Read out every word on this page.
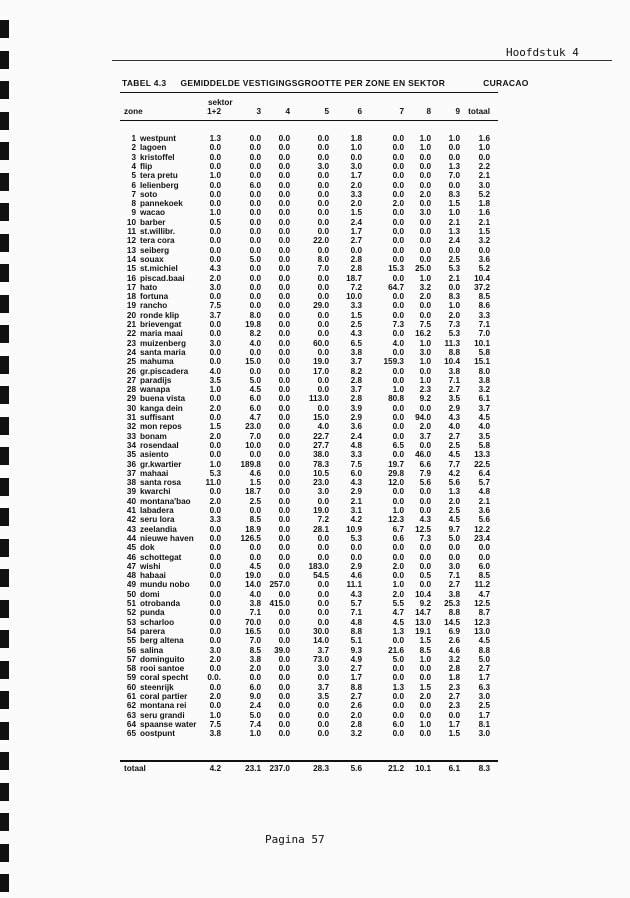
Hoofdstuk 4
TABEL 4.3 GEMIDDELDE VESTIGINGSGROOTTE PER ZONE EN SEKTOR	CURACAO
sektor
zone	1+2	3	4	5	6	7	8	9 totaal
1 westpunt	1.3	0.0	0.0	0.0	1.8	0.0	1.0	1.0	1.6
2 lagoen	0.0	0.0	0.0	0.0	1.0	0.0	1.0	0.0	1.0
3 kristoffel	0.0	0.0	0.0	0.0	0.0	0.0	0.0	0.0	0.0
4 flip	0.0	0.0	0.0	3.0	3.0	0.0	0.0	1.3	2.2
5 tera pretu	1.0	0.0	0.0	0.0	1.7	0.0	0.0	7.0	2.1
6 lelienberg	0.0	6.0	0.0	0.0	2.0	0.0	0.0	0.0	3.0
7 soto	0.0	0.0	0.0	0.0	3.3	0.0	2.0	8.3	5.2
8 pannekoek	0.0	0.0	0.0	0.0	2.0	2.0	0.0	1.5	1.8
9 wacao	1.0	0.0	0.0	0.0	1.5	0.0	3.0	1.0	1.6
10 barber	0.5	0.0	0.0	0.0	2.4	0.0	0.0	2.1	2.1
11 st.willibr.	0.0	0.0	0.0	0.0	1.7	0.0	0.0	1.3	1.5
12 tera cora	0.0	0.0	0.0	22.0	2.7	0.0	0.0	2.4	3.2
13 seiberg	0.0	0.0	0.0	0.0	0.0	0.0	0.0	0.0	0.0
14 souax	0.0	5.0	0.0	8.0	2.8	0.0	0.0	2.5	3.6
15 st.michiel	4.3	0.0	0.0	7.0	2.8	15.3	25.0	5.3	5.2
16 piscad.baai	2.0	0.0	0.0	0.0	18.7	0.0	1.0	2.1	10.4
17 hato	3.0	0.0	0.0	0.0	7.2	64.7	3.2	0.0	37.2
18 fortuna	0.0	0.0	0.0	0.0	10.0	0.0	2.0	8.3	8.5
19 rancho	7.5	0.0	0.0	29.0	3.3	0.0	0.0	1.0	8.6
20 ronde klip	3.7	8.0	0.0	0.0	1.5	0.0	0.0	2.0	3.3
21 brievengat	0.0	19.8	0.0	0.0	2.5	7.3	7.5	7.3	7.1
22 maria maai	0.0	8.2	0.0	0.0	4.3	0.0	16.2	5.3	7.0
23 muizenberg	3.0	4.0	0.0	60.0	6.5	4.0	1.0	11.3	10.1
24 santa maria	0.0	0.0	0.0	0.0	3.8	0.0	3.0	8.8	5.8
25 mahuma	0.0	15.0	0.0	19.0	3.7	159.3	1.0	10.4	15.1
26 gr.piscadera	4.0	0.0	0.0	17.0	8.2	0.0	0.0	3.8	8.0
27 paradijs	3.5	5.0	0.0	0.0	2.8	0.0	1.0	7.1	3.8
28 wanapa	1.0	4.5	0.0	0.0	3.7	1.0	2.3	2.7	3.2
29 buena vista	0.0	6.0	0.0	113.0	2.8	80.8	9.2	3.5	6.1
30 kanga dein	2.0	6.0	0.0	0.0	3.9	0.0	0.0	2.9	3.7
31 suffisant	0.0	4.7	0.0	15.0	2.9	0.0	94.0	4.3	4.5
32 mon repos	1.5	23.0	0.0	4.0	3.6	0.0	2.0	4.0	4.0
33 bonam	2.0	7.0	0.0	22.7	2.4	0.0	3.7	2.7	3.5
34 rosendaal	0.0	10.0	0.0	27.7	4.8	6.5	0.0	2.5	5.8
35 asiento	0.0	0.0	0.0	38.0	3.3	0.0	46.0	4.5	13.3
36 gr.kwartier	1.0	189.8	0.0	78.3	7.5	19.7	6.6	7.7	22.5
37 mahaai	5.3	4.6	0.0	10.5	6.0	29.8	7.9	4.2	6.4
38 santa rosa	11.0	1.5	0.0	23.0	4.3	12.0	5.6	5.6	5.7
39 kwarchi	0.0	18.7	0.0	3.0	2.9	0.0	0.0	1.3	4.8
40 montana'bao	2.0	2.5	0.0	0.0	2.1	0.0	0.0	2.0	2.1
41 labadera	0.0	0.0	0.0	19.0	3.1	1.0	0.0	2.5	3.6
42 seru lora	3.3	8.5	0.0	7.2	4.2	12.3	4.3	4.5	5.6
43 zeelandia	0.0	18.9	0.0	28.1	10.9	6.7	12.5	9.7	12.2
44 nieuwe haven	0.0	126.5	0.0	0.0	5.3	0.6	7.3	5.0	23.4
45 dok	0.0	0.0	0.0	0.0	0.0	0.0	0.0	0.0	0.0
46 schottegat	0.0	0.0	0.0	0.0	0.0	0.0	0.0	0.0	0.0
47 wishi	0.0	4.5	0.0	183.0	2.9	2.0	0.0	3.0	6.0
48 habaai	0.0	19.0	0.0	54.5	4.6	0.0	0.5	7.1	8.5
49 mundu nobo	0.0	14.0	257.0	0.0	11.1	1.0	0.0	2.7	11.2
50 domi	0.0	4.0	0.0	0.0	4.3	2.0	10.4	3.8	4.7
51 otrobanda	0.0	3.8	415.0	0.0	5.7	5.5	9.2	25.3	12.5
52 punda	0.0	7.1	0.0	0.0	7.1	4.7	14.7	8.8	8.7
53 scharloo	0.0	70.0	0.0	0.0	4.8	4.5	13.0	14.5	12.3
54 parera	0.0	16.5	0.0	30.0	8.8	1.3	19.1	6.9	13.0
55 berg altena	0.0	7.0	0.0	14.0	5.1	0.0	1.5	2.6	4.5
56 salina	3.0	8.5	39.0	3.7	9.3	21.6	8.5	4.6	8.8
57 dominguito	2.0	3.8	0.0	73.0	4.9	5.0	1.0	3.2	5.0
58 rooi santoe	0.0	2.0	0.0	3.0	2.7	0.0	0.0	2.8	2.7
59 coral specht	0.0.	0.0	0.0	0.0	1.7	0.0	0.0	1.8	1.7
60 steenrijk	0.0	6.0	0.0	3.7	8.8	1.3	1.5	2.3	6.3
61 coral partier	2.0	9.0	0.0	3.5	2.7	0.0	2.0	2.7	3.0
62 montana rei	0.0	2.4	0.0	0.0	2.6	0.0	0.0	2.3	2.5
63 seru grandi	1.0	5.0	0.0	0.0	2.0	0.0	0.0	0.0	1.7
64 spaanse water	7.5	7.4	0.0	0.0	2.8	6.0	1.0	1.7	8.1
65 oostpunt	3.8	1.0	0.0	0.0	3.2	0.0	0.0	1.5	3.0
totaal	4.2	23.1	237.0	28.3	5.6	21.2	10.1	6.1	8.3
Pagina 57
